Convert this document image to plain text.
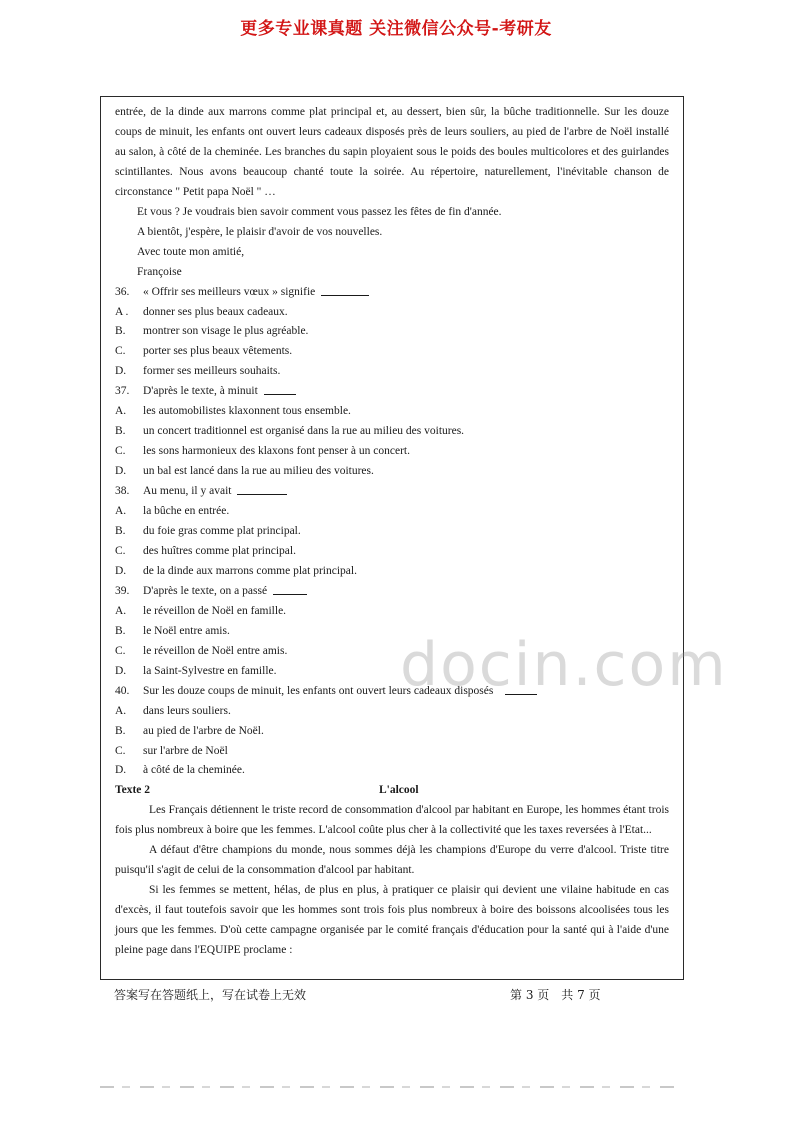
更多专业课真题 关注微信公众号-考研友

entrée, de la dinde aux marrons comme plat principal et, au dessert, bien sûr, la bûche traditionnelle. Sur les douze coups de minuit, les enfants ont ouvert leurs cadeaux disposés près de leurs souliers, au pied de l'arbre de Noël installé au salon, à côté de la cheminée. Les branches du sapin ployaient sous le poids des boules multicolores et des guirlandes scintillantes. Nous avons beaucoup chanté toute la soirée. Au répertoire, naturellement, l'inévitable chanson de circonstance " Petit papa Noël " …

Et vous ? Je voudrais bien savoir comment vous passez les fêtes de fin d'année.

A bientôt, j'espère, le plaisir d'avoir de vos nouvelles.

Avec toute mon amitié,

Françoise

36.	« Offrir ses meilleurs vœux » signifie
A .	donner ses plus beaux cadeaux.
B.	montrer son visage le plus agréable.
C.	porter ses plus beaux vêtements.
D.	former ses meilleurs souhaits.
37.	D'après le texte, à minuit
A.	les automobilistes klaxonnent tous ensemble.
B.	un concert traditionnel est organisé dans la rue au milieu des voitures.
C.	les sons harmonieux des klaxons font penser à un concert.
D.	un bal est lancé dans la rue au milieu des voitures.
38.	Au menu, il y avait
A.	la bûche en entrée.
B.	du foie gras comme plat principal.
C.	des huîtres comme plat principal.
D.	de la dinde aux marrons comme plat principal.
39.	D'après le texte, on a passé
A.	le réveillon de Noël en famille.
B.	le Noël entre amis.
C.	le réveillon de Noël entre amis.
D.	la Saint-Sylvestre en famille.
40.	Sur les douze coups de minuit, les enfants ont ouvert leurs cadeaux disposés
A.	dans leurs souliers.
B.	au pied de l'arbre de Noël.
C.	sur l'arbre de Noël
D.	à côté de la cheminée.
Texte 2	L'alcool

Les Français détiennent le triste record de consommation d'alcool par habitant en Europe, les hommes étant trois fois plus nombreux à boire que les femmes. L'alcool coûte plus cher à la collectivité que les taxes reversées à l'Etat...

A défaut d'être champions du monde, nous sommes déjà les champions d'Europe du verre d'alcool. Triste titre puisqu'il s'agit de celui de la consommation d'alcool par habitant.

Si les femmes se mettent, hélas, de plus en plus, à pratiquer ce plaisir qui devient une vilaine habitude en cas d'excès, il faut toutefois savoir que les hommes sont trois fois plus nombreux à boire des boissons alcoolisées tous les jours que les femmes. D'où cette campagne organisée par le comité français d'éducation pour la santé qui à l'aide d'une pleine page dans l'EQUIPE proclame :

答案写在答题纸上，写在试卷上无效	第 3 页　共 7 页
docin.com
